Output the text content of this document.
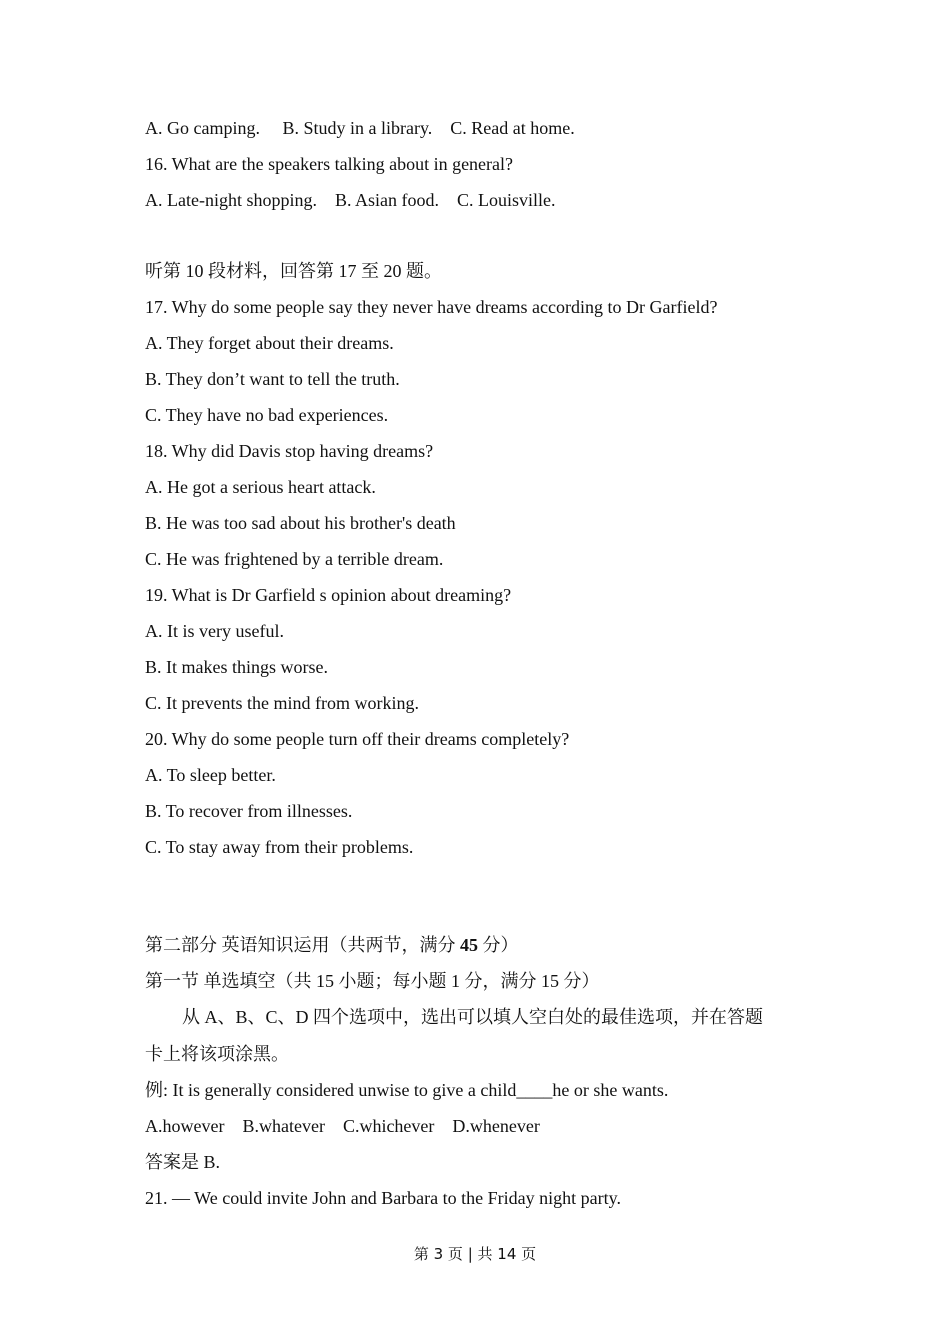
A. Go camping.     B. Study in a library.    C. Read at home.
16. What are the speakers talking about in general?
A. Late-night shopping.    B. Asian food.    C. Louisville.
听第 10 段材料，回答第 17 至 20 题。
17. Why do some people say they never have dreams according to Dr Garfield?
A. They forget about their dreams.
B. They don’t want to tell the truth.
C. They have no bad experiences.
18. Why did Davis stop having dreams?
A. He got a serious heart attack.
B. He was too sad about his brother's death
C. He was frightened by a terrible dream.
19. What is Dr Garfield s opinion about dreaming?
A. It is very useful.
B. It makes things worse.
C. It prevents the mind from working.
20. Why do some people turn off their dreams completely?
A. To sleep better.
B. To recover from illnesses.
C. To stay away from their problems.
第二部分 英语知识运用（共两节，满分 45 分）
第一节 单选填空（共 15 小题；每小题 1 分，满分 15 分）
从 A、B、C、D 四个选项中，选出可以填人空白处的最佳选项，并在答题
卡上将该项涂黑。
例: It is generally considered unwise to give a child____he or she wants.
A.however    B.whatever    C.whichever    D.whenever
答案是 B.
21. — We could invite John and Barbara to the Friday night party.
第 3 页 | 共 14 页
